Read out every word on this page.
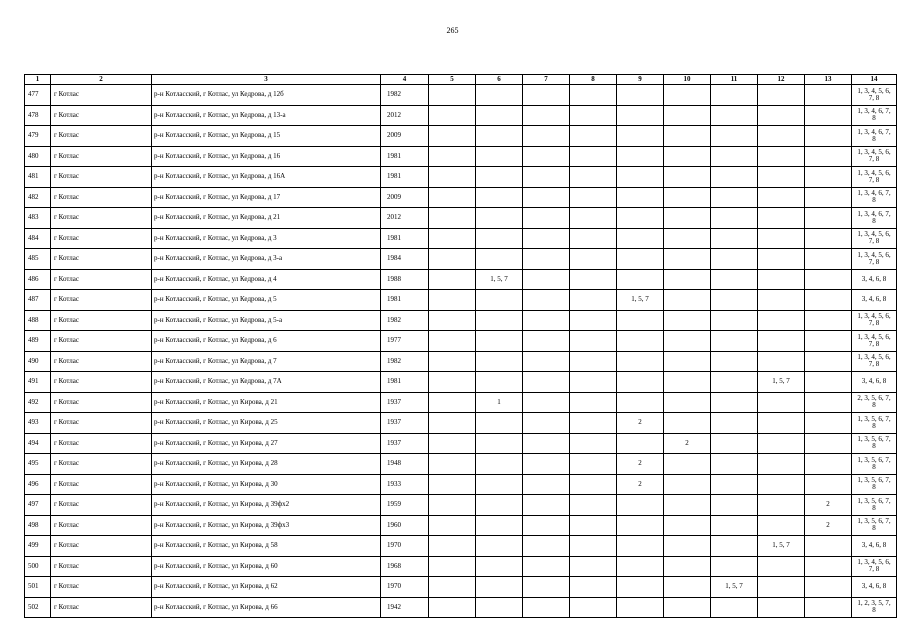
265
1	2	3	4	5	6	7	8	9	10	11	12	13	14
477	г Котлас	р-н Котласский, г Котлас, ул Кедрова, д 12б	1982										1, 3, 4, 5, 6, 7, 8
478	г Котлас	р-н Котласский, г Котлас, ул Кедрова, д 13-а	2012										1, 3, 4, 6, 7, 8
479	г Котлас	р-н Котласский, г Котлас, ул Кедрова, д 15	2009										1, 3, 4, 6, 7, 8
480	г Котлас	р-н Котласский, г Котлас, ул Кедрова, д 16	1981										1, 3, 4, 5, 6, 7, 8
481	г Котлас	р-н Котласский, г Котлас, ул Кедрова, д 16А	1981										1, 3, 4, 5, 6, 7, 8
482	г Котлас	р-н Котласский, г Котлас, ул Кедрова, д 17	2009										1, 3, 4, 6, 7, 8
483	г Котлас	р-н Котласский, г Котлас, ул Кедрова, д 21	2012										1, 3, 4, 6, 7, 8
484	г Котлас	р-н Котласский, г Котлас, ул Кедрова, д 3	1981										1, 3, 4, 5, 6, 7, 8
485	г Котлас	р-н Котласский, г Котлас, ул Кедрова, д 3-а	1984										1, 3, 4, 5, 6, 7, 8
486	г Котлас	р-н Котласский, г Котлас, ул Кедрова, д 4	1988		1, 5, 7								3, 4, 6, 8
487	г Котлас	р-н Котласский, г Котлас, ул Кедрова, д 5	1981					1, 5, 7					3, 4, 6, 8
488	г Котлас	р-н Котласский, г Котлас, ул Кедрова, д 5-а	1982										1, 3, 4, 5, 6, 7, 8
489	г Котлас	р-н Котласский, г Котлас, ул Кедрова, д 6	1977										1, 3, 4, 5, 6, 7, 8
490	г Котлас	р-н Котласский, г Котлас, ул Кедрова, д 7	1982										1, 3, 4, 5, 6, 7, 8
491	г Котлас	р-н Котласский, г Котлас, ул Кедрова, д 7А	1981								1, 5, 7		3, 4, 6, 8
492	г Котлас	р-н Котласский, г Котлас, ул Кирова, д 21	1937		1								2, 3, 5, 6, 7, 8
493	г Котлас	р-н Котласский, г Котлас, ул Кирова, д 25	1937					2					1, 3, 5, 6, 7, 8
494	г Котлас	р-н Котласский, г Котлас, ул Кирова, д 27	1937						2				1, 3, 5, 6, 7, 8
495	г Котлас	р-н Котласский, г Котлас, ул Кирова, д 28	1948					2					1, 3, 5, 6, 7, 8
496	г Котлас	р-н Котласский, г Котлас, ул Кирова, д 30	1933					2					1, 3, 5, 6, 7, 8
497	г Котлас	р-н Котласский, г Котлас, ул Кирова, д 39фх2	1959									2	1, 3, 5, 6, 7, 8
498	г Котлас	р-н Котласский, г Котлас, ул Кирова, д 39фх3	1960									2	1, 3, 5, 6, 7, 8
499	г Котлас	р-н Котласский, г Котлас, ул Кирова, д 58	1970								1, 5, 7		3, 4, 6, 8
500	г Котлас	р-н Котласский, г Котлас, ул Кирова, д 60	1968										1, 3, 4, 5, 6, 7, 8
501	г Котлас	р-н Котласский, г Котлас, ул Кирова, д 62	1970							1, 5, 7			3, 4, 6, 8
502	г Котлас	р-н Котласский, г Котлас, ул Кирова, д 66	1942										1, 2, 3, 5, 7, 8
